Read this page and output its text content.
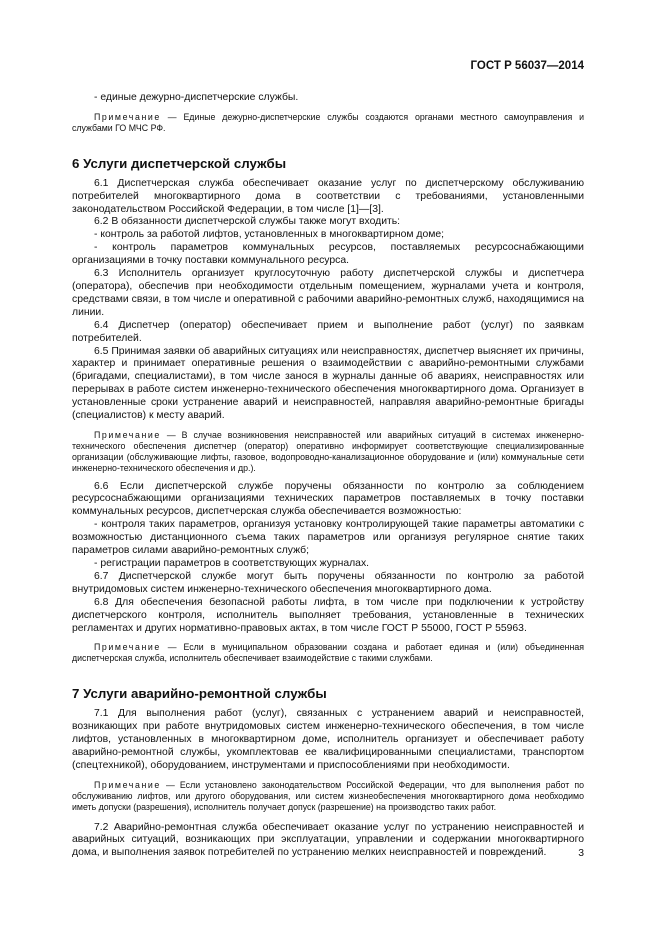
ГОСТ Р 56037—2014

- единые дежурно-диспетчерские службы.

Примечание — Единые дежурно-диспетчерские службы создаются органами местного самоуправления и службами ГО МЧС РФ.

6 Услуги диспетчерской службы

6.1 Диспетчерская служба обеспечивает оказание услуг по диспетчерскому обслуживанию потребителей многоквартирного дома в соответствии с требованиями, установленными законодательством Российской Федерации, в том числе [1]—[3].

6.2 В обязанности диспетчерской службы также могут входить:

- контроль за работой лифтов, установленных в многоквартирном доме;

- контроль параметров коммунальных ресурсов, поставляемых ресурсоснабжающими организациями в точку поставки коммунального ресурса.

6.3 Исполнитель организует круглосуточную работу диспетчерской службы и диспетчера (оператора), обеспечив при необходимости отдельным помещением, журналами учета и контроля, средствами связи, в том числе и оперативной с рабочими аварийно-ремонтных служб, находящимися на линии.

6.4 Диспетчер (оператор) обеспечивает прием и выполнение работ (услуг) по заявкам потребителей.

6.5 Принимая заявки об аварийных ситуациях или неисправностях, диспетчер выясняет их причины, характер и принимает оперативные решения о взаимодействии с аварийно-ремонтными службами (бригадами, специалистами), в том числе занося в журналы данные об авариях, неисправностях или перерывах в работе систем инженерно-технического обеспечения многоквартирного дома. Организует в установленные сроки устранение аварий и неисправностей, направляя аварийно-ремонтные бригады (специалистов) к месту аварий.

Примечание — В случае возникновения неисправностей или аварийных ситуаций в системах инженерно-технического обеспечения диспетчер (оператор) оперативно информирует соответствующие специализированные организации (обслуживающие лифты, газовое, водопроводно-канализационное оборудование и (или) коммунальные сети инженерно-технического обеспечения и др.).

6.6 Если диспетчерской службе поручены обязанности по контролю за соблюдением ресурсоснабжающими организациями технических параметров поставляемых в точку поставки коммунальных ресурсов, диспетчерская служба обеспечивается возможностью:

- контроля таких параметров, организуя установку контролирующей такие параметры автоматики с возможностью дистанционного съема таких параметров или организуя регулярное снятие таких параметров силами аварийно-ремонтных служб;

- регистрации параметров в соответствующих журналах.

6.7 Диспетчерской службе могут быть поручены обязанности по контролю за работой внутридомовых систем инженерно-технического обеспечения многоквартирного дома.

6.8 Для обеспечения безопасной работы лифта, в том числе при подключении к устройству диспетчерского контроля, исполнитель выполняет требования, установленные в технических регламентах и других нормативно-правовых актах, в том числе ГОСТ Р 55000, ГОСТ Р 55963.

Примечание — Если в муниципальном образовании создана и работает единая и (или) объединенная диспетчерская служба, исполнитель обеспечивает взаимодействие с такими службами.

7 Услуги аварийно-ремонтной службы

7.1 Для выполнения работ (услуг), связанных с устранением аварий и неисправностей, возникающих при работе внутридомовых систем инженерно-технического обеспечения, в том числе лифтов, установленных в многоквартирном доме, исполнитель организует и обеспечивает работу аварийно-ремонтной службы, укомплектовав ее квалифицированными специалистами, транспортом (спецтехникой), оборудованием, инструментами и приспособлениями при необходимости.

Примечание — Если установлено законодательством Российской Федерации, что для выполнения работ по обслуживанию лифтов, или другого оборудования, или систем жизнеобеспечения многоквартирного дома необходимо иметь допуски (разрешения), исполнитель получает допуск (разрешение) на производство таких работ.

7.2 Аварийно-ремонтная служба обеспечивает оказание услуг по устранению неисправностей и аварийных ситуаций, возникающих при эксплуатации, управлении и содержании многоквартирного дома, и выполнения заявок потребителей по устранению мелких неисправностей и повреждений.	3
